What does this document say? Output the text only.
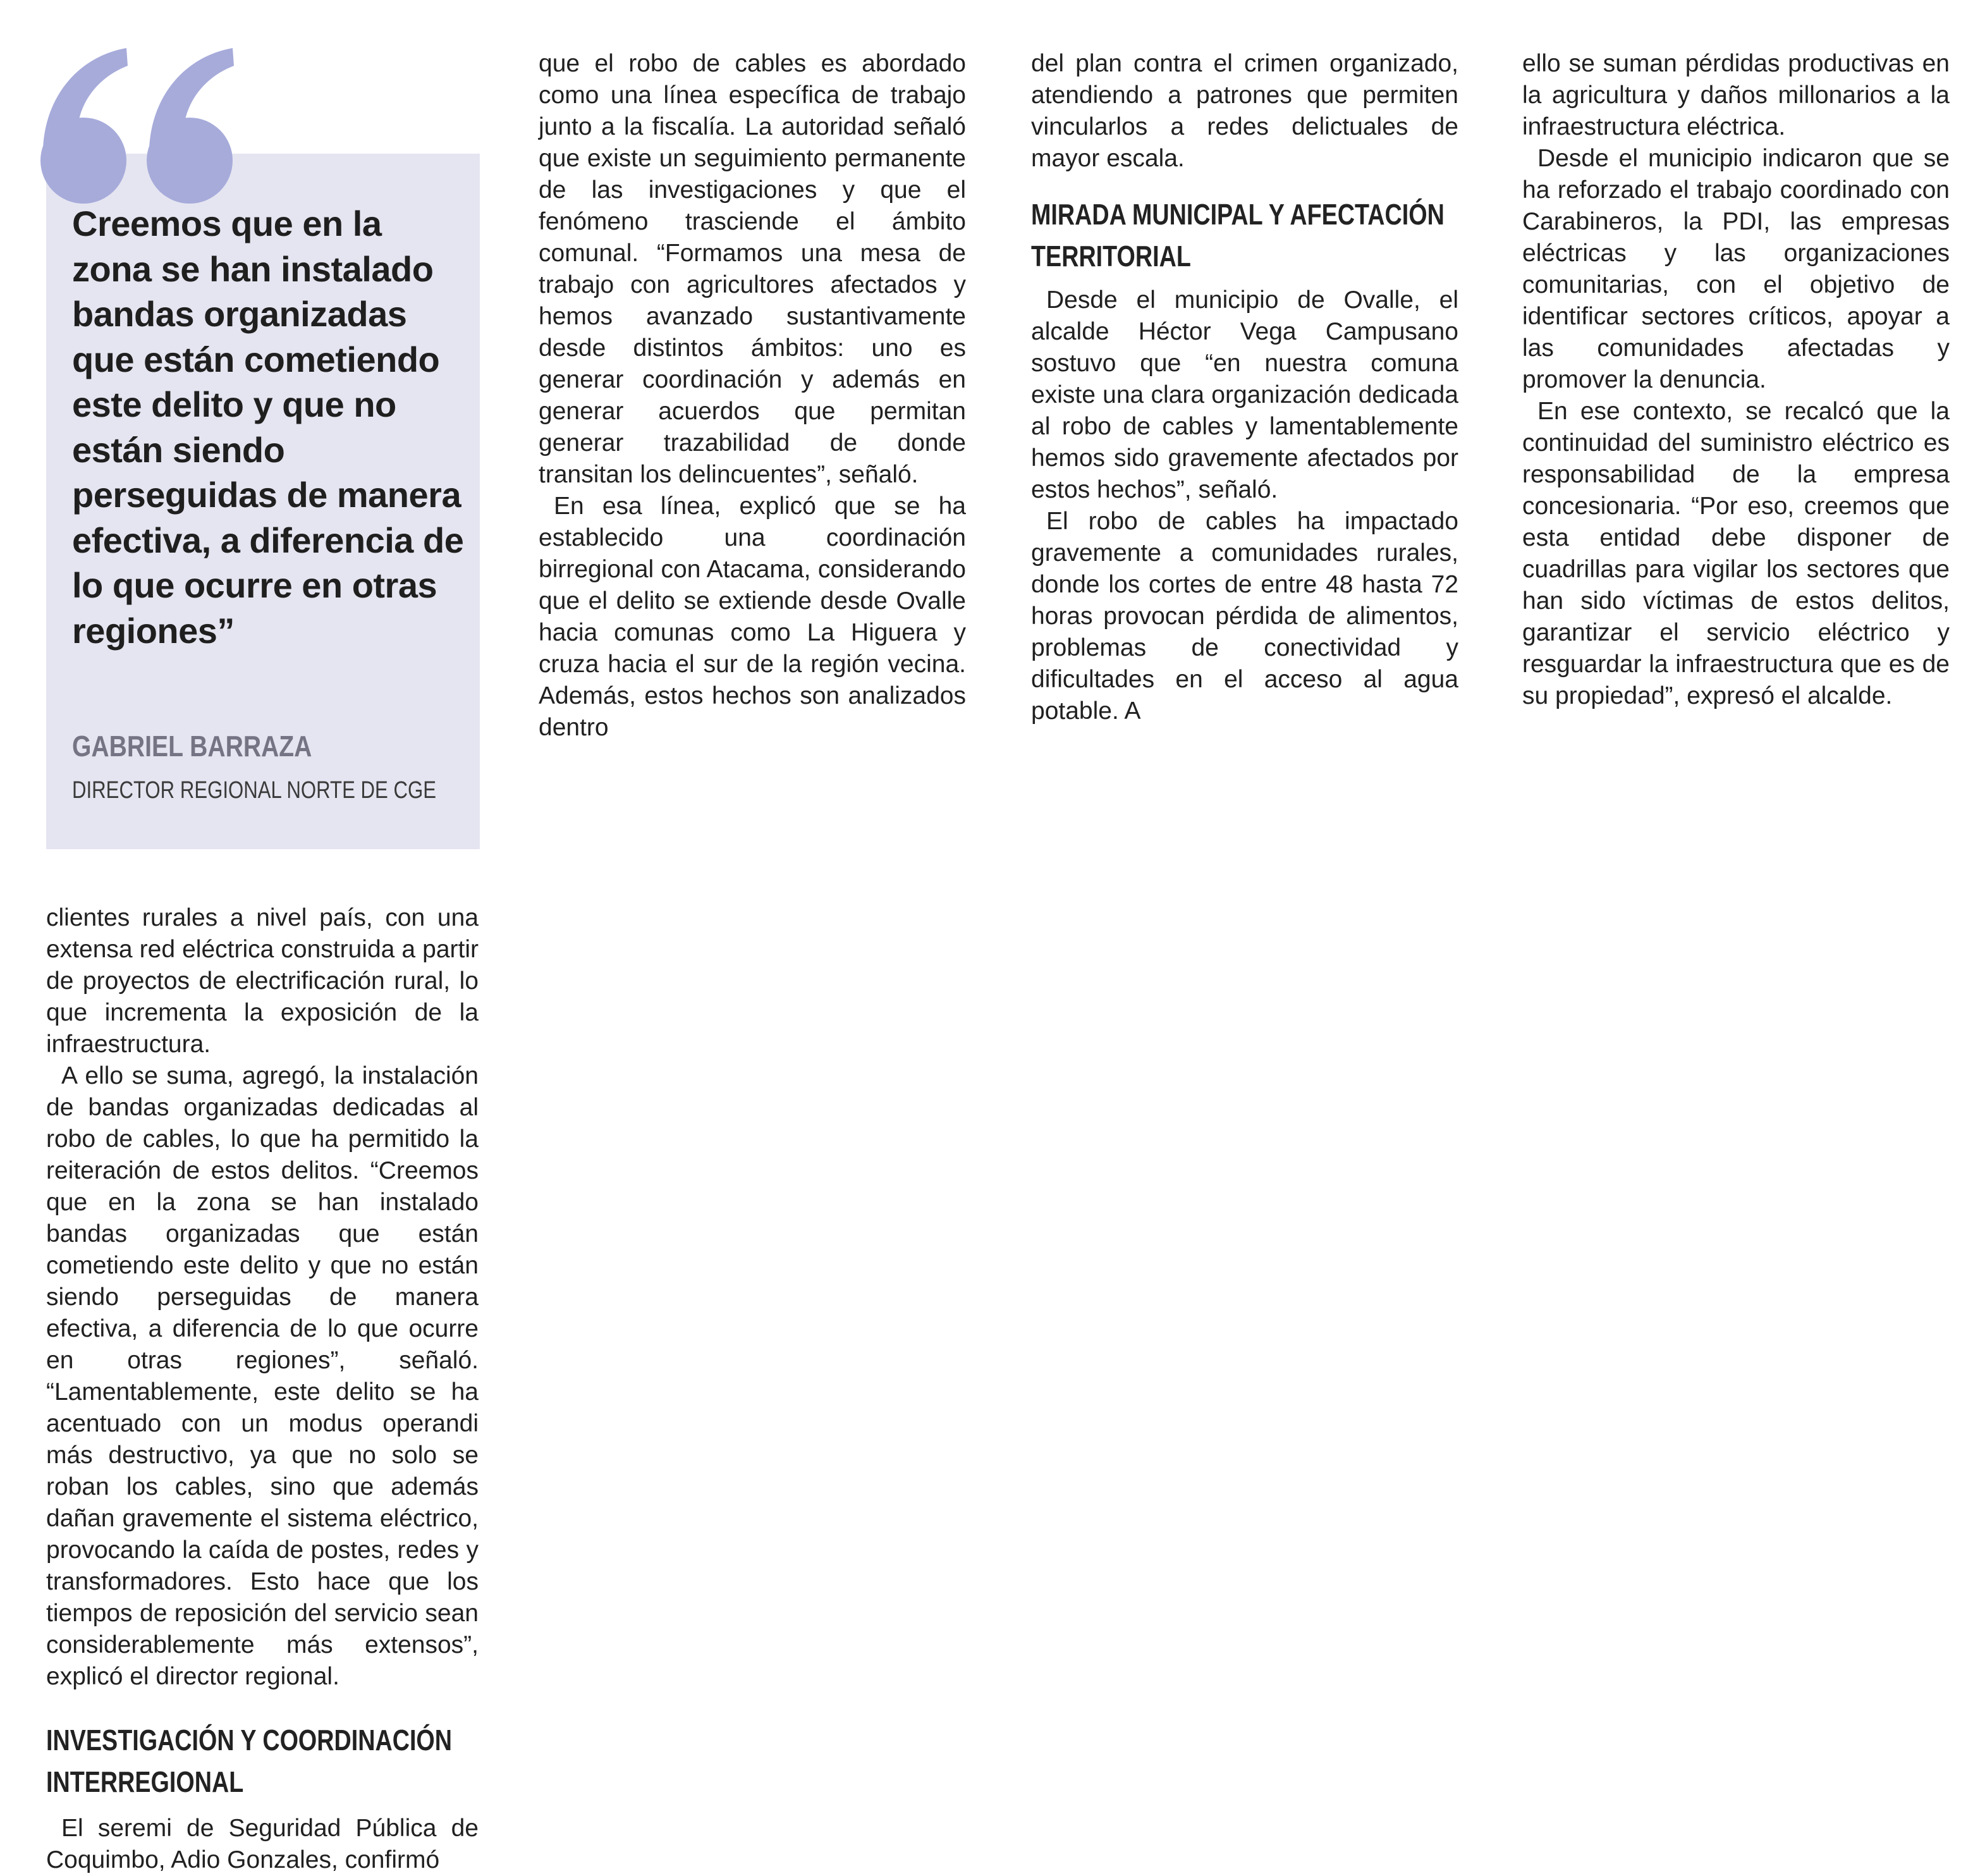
Creemos que en la zona se han instalado bandas organizadas que están cometiendo este delito y que no están siendo perseguidas de manera efectiva, a diferencia de lo que ocurre en otras regiones”

GABRIEL BARRAZA

DIRECTOR REGIONAL NORTE DE CGE

clientes rurales a nivel país, con una extensa red eléctrica construida a partir de proyectos de electrificación rural, lo que incrementa la exposición de la infraestructura.

A ello se suma, agregó, la instalación de bandas organizadas dedicadas al robo de cables, lo que ha permitido la reiteración de estos delitos. “Creemos que en la zona se han instalado bandas organizadas que están cometiendo este delito y que no están siendo perseguidas de manera efectiva, a diferencia de lo que ocurre en otras regiones”, señaló. “Lamentablemente, este delito se ha acentuado con un modus operandi más destructivo, ya que no solo se roban los cables, sino que además dañan gravemente el sistema eléctrico, provocando la caída de postes, redes y transformadores. Esto hace que los tiempos de reposición del servicio sean considerablemente más extensos”, explicó el director regional.

INVESTIGACIÓN Y COORDINACIÓN INTERREGIONAL

El seremi de Seguridad Pública de Coquimbo, Adio Gonzales, confirmó

que el robo de cables es abordado como una línea específica de trabajo junto a la fiscalía. La autoridad señaló que existe un seguimiento permanente de las investigaciones y que el fenómeno trasciende el ámbito comunal. “Formamos una mesa de trabajo con agricultores afectados y hemos avanzado sustantivamente desde distintos ámbitos: uno es generar coordinación y además en generar acuerdos que permitan generar trazabilidad de donde transitan los delincuentes”, señaló.

En esa línea, explicó que se ha establecido una coordinación birregional con Atacama, considerando que el delito se extiende desde Ovalle hacia comunas como La Higuera y cruza hacia el sur de la región vecina. Además, estos hechos son analizados dentro

del plan contra el crimen organizado, atendiendo a patrones que permiten vincularlos a redes delictuales de mayor escala.

MIRADA MUNICIPAL Y AFECTACIÓN TERRITORIAL

Desde el municipio de Ovalle, el alcalde Héctor Vega Campusano sostuvo que “en nuestra comuna existe una clara organización dedicada al robo de cables y lamentablemente hemos sido gravemente afectados por estos hechos”, señaló.

El robo de cables ha impactado gravemente a comunidades rurales, donde los cortes de entre 48 hasta 72 horas provocan pérdida de alimentos, problemas de conectividad y dificultades en el acceso al agua potable. A

ello se suman pérdidas productivas en la agricultura y daños millonarios a la infraestructura eléctrica.

Desde el municipio indicaron que se ha reforzado el trabajo coordinado con Carabineros, la PDI, las empresas eléctricas y las organizaciones comunitarias, con el objetivo de identificar sectores críticos, apoyar a las comunidades afectadas y promover la denuncia.

En ese contexto, se recalcó que la continuidad del suministro eléctrico es responsabilidad de la empresa concesionaria. “Por eso, creemos que esta entidad debe disponer de cuadrillas para vigilar los sectores que han sido víctimas de estos delitos, garantizar el servicio eléctrico y resguardar la infraestructura que es de su propiedad”, expresó el alcalde.
